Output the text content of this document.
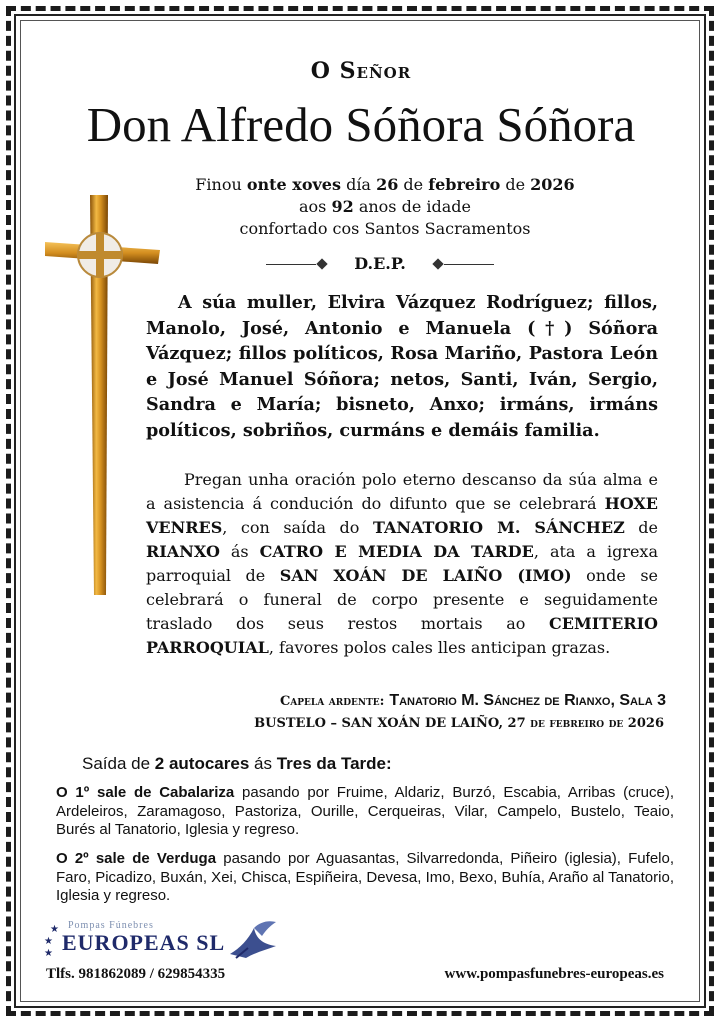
O Señor
Don Alfredo Sóñora Sóñora
Finou onte xoves día 26 de febreiro de 2026
aos 92 anos de idade
confortado cos Santos Sacramentos
D.E.P.
A súa muller, Elvira Vázquez Rodríguez; fillos, Manolo, José, Antonio e Manuela (†) Sóñora Vázquez; fillos políticos, Rosa Mariño, Pastora León e José Manuel Sóñora; netos, Santi, Iván, Sergio, Sandra e María; bisneto, Anxo; irmáns, irmáns políticos, sobriños, curmáns e demáis familia.
Pregan unha oración polo eterno descanso da súa alma e a asistencia á condución do difunto que se celebrará HOXE VENRES, con saída do TANATORIO M. SÁNCHEZ de RIANXO ás CATRO E MEDIA DA TARDE, ata a igrexa parroquial de SAN XOÁN DE LAIÑO (IMO) onde se celebrará o funeral de corpo presente e seguidamente traslado dos seus restos mortais ao CEMITERIO PARROQUIAL, favores polos cales lles anticipan grazas.
Capela ardente: Tanatorio M. Sánchez de Rianxo, Sala 3
BUSTELO – SAN XOÁN DE LAIÑO, 27 de febreiro de 2026
Saída de 2 autocares ás Tres da Tarde:
O 1º sale de Cabalariza pasando por Fruime, Aldariz, Burzó, Escabia, Arribas (cruce), Ardeleiros, Zaramagoso, Pastoriza, Ourille, Cerqueiras, Vilar, Campelo, Bustelo, Teaio, Burés al Tanatorio, Iglesia y regreso.
O 2º sale de Verduga pasando por Aguasantas, Silvarredonda, Piñeiro (iglesia), Fufelo, Faro, Picadizo, Buxán, Xei, Chisca, Espiñeira, Devesa, Imo, Bexo, Buhía, Araño al Tanatorio, Iglesia y regreso.
★
★
★
Pompas Fúnebres
EUROPEAS SL
Tlfs. 981862089 / 629854335	www.pompasfunebres-europeas.es
